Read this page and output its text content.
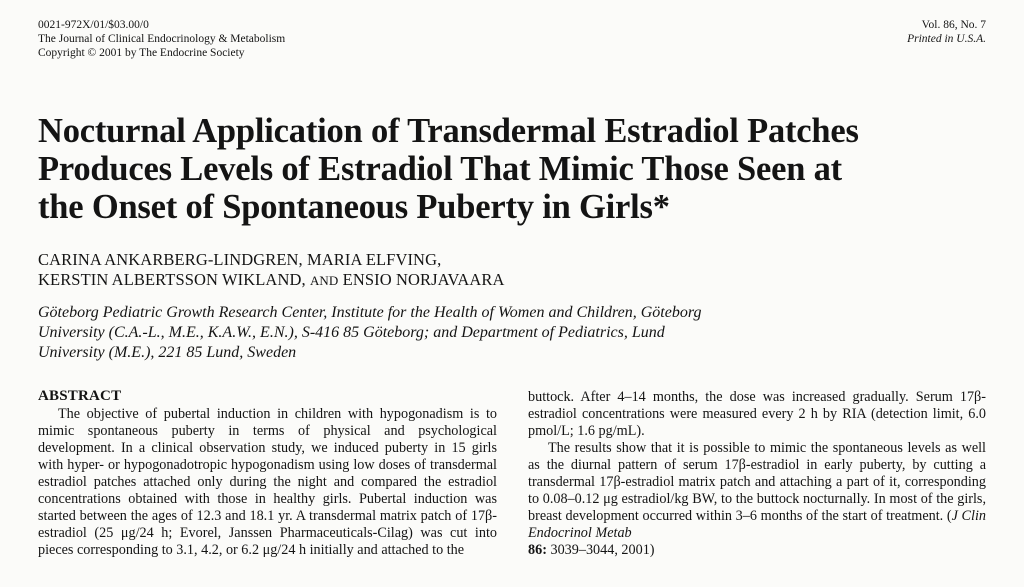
0021-972X/01/$03.00/0
The Journal of Clinical Endocrinology & Metabolism
Copyright © 2001 by The Endocrine Society
Vol. 86, No. 7
Printed in U.S.A.
Nocturnal Application of Transdermal Estradiol Patches
Produces Levels of Estradiol That Mimic Those Seen at
the Onset of Spontaneous Puberty in Girls*
CARINA ANKARBERG-LINDGREN, MARIA ELFVING,
KERSTIN ALBERTSSON WIKLAND, AND ENSIO NORJAVAARA
Göteborg Pediatric Growth Research Center, Institute for the Health of Women and Children, Göteborg
University (C.A.-L., M.E., K.A.W., E.N.), S-416 85 Göteborg; and Department of Pediatrics, Lund
University (M.E.), 221 85 Lund, Sweden
ABSTRACT

The objective of pubertal induction in children with hypogonadism is to mimic spontaneous puberty in terms of physical and psychological development. In a clinical observation study, we induced puberty in 15 girls with hyper- or hypogonadotropic hypogonadism using low doses of transdermal estradiol patches attached only during the night and compared the estradiol concentrations obtained with those in healthy girls. Pubertal induction was started between the ages of 12.3 and 18.1 yr. A transdermal matrix patch of 17β-estradiol (25 μg/24 h; Evorel, Janssen Pharmaceuticals-Cilag) was cut into pieces corresponding to 3.1, 4.2, or 6.2 μg/24 h initially and attached to the

buttock. After 4–14 months, the dose was increased gradually. Serum 17β-estradiol concentrations were measured every 2 h by RIA (detection limit, 6.0 pmol/L; 1.6 pg/mL).

The results show that it is possible to mimic the spontaneous levels as well as the diurnal pattern of serum 17β-estradiol in early puberty, by cutting a transdermal 17β-estradiol matrix patch and attaching a part of it, corresponding to 0.08–0.12 μg estradiol/kg BW, to the buttock nocturnally. In most of the girls, breast development occurred within 3–6 months of the start of treatment. (J Clin Endocrinol Metab
86: 3039–3044, 2001)
